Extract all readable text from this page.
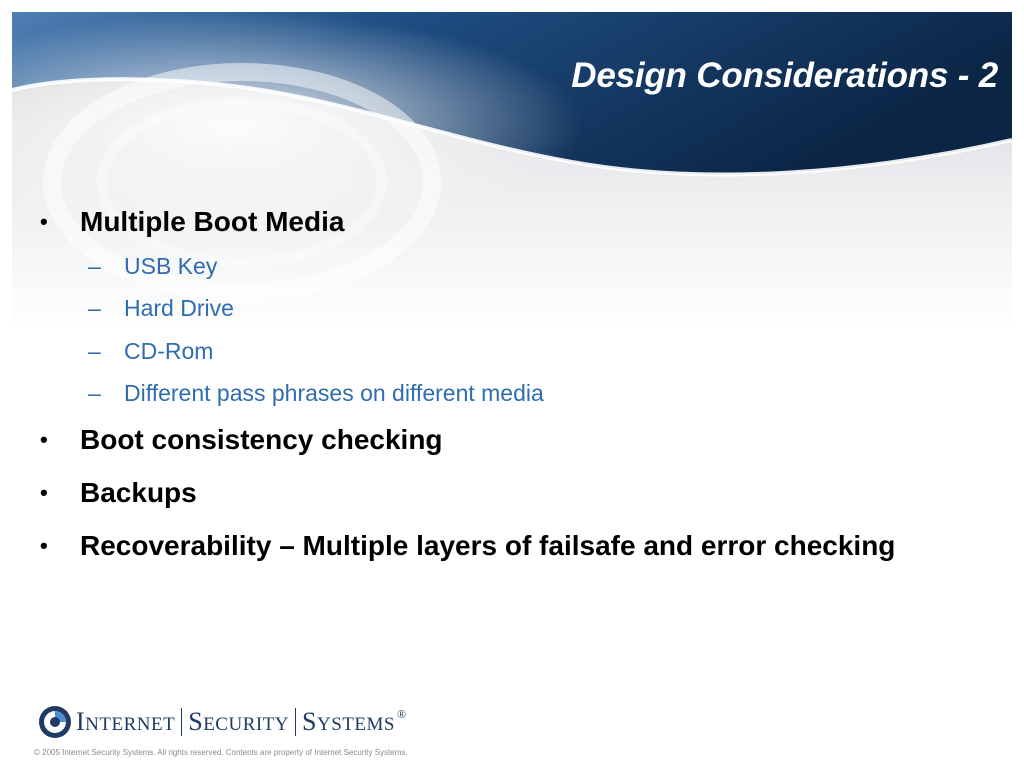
Design Considerations - 2
• Multiple Boot Media
– USB Key
– Hard Drive
– CD-Rom
– Different pass phrases on different media
• Boot consistency checking
• Backups
• Recoverability – Multiple layers of failsafe and error checking
INTERNET SECURITY SYSTEMS ®
© 2005 Internet Security Systems. All rights reserved. Contents are property of Internet Security Systems.
